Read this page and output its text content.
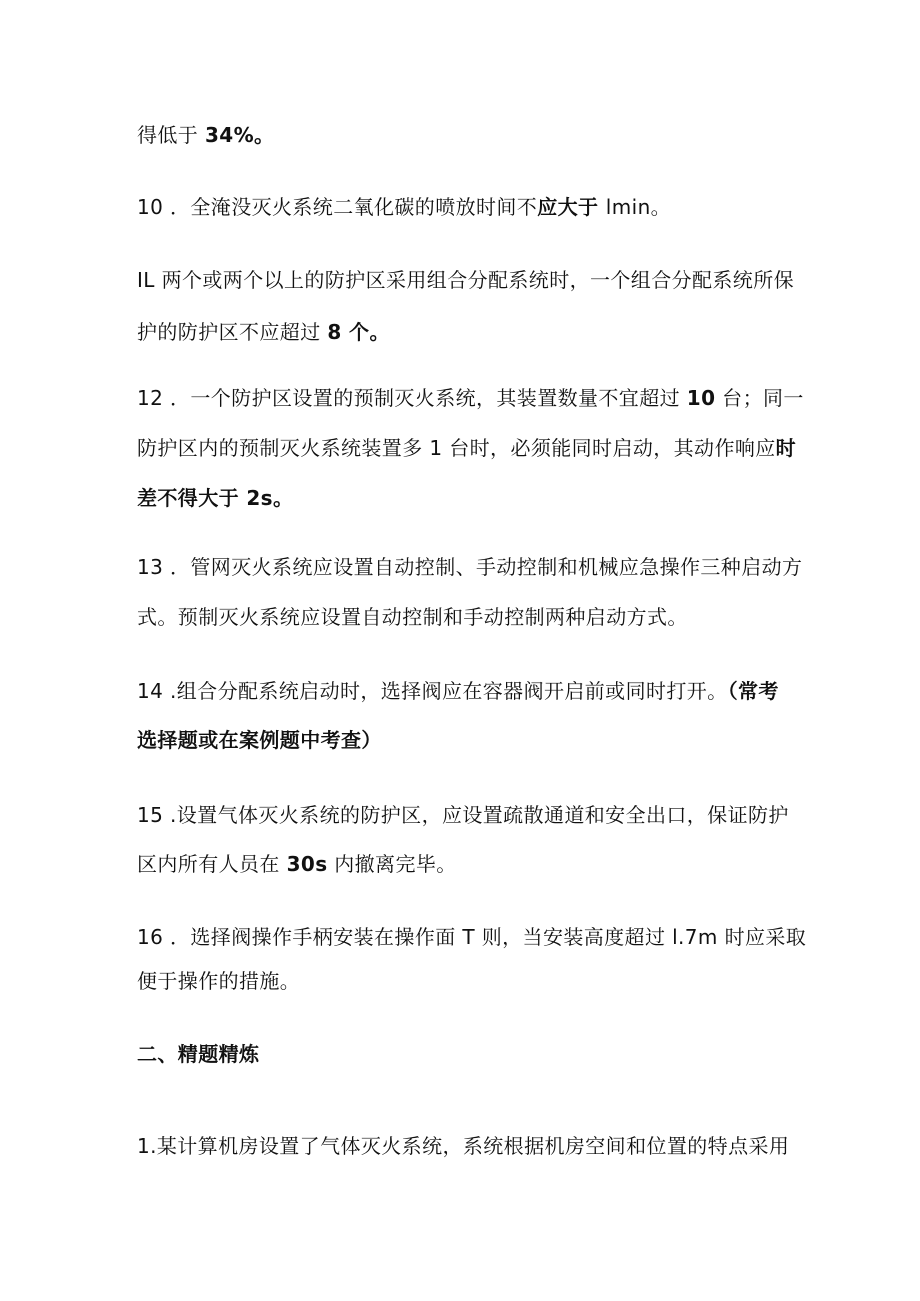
得低于 34%。
10 ．全淹没灭火系统二氧化碳的喷放时间不应大于 lmin。
IL 两个或两个以上的防护区采用组合分配系统时，一个组合分配系统所保
护的防护区不应超过 8 个。
12 ．一个防护区设置的预制灭火系统，其装置数量不宜超过 10 台；同一
防护区内的预制灭火系统装置多 1 台时，必须能同时启动，其动作响应时
差不得大于 2s。
13 ．管网灭火系统应设置自动控制、手动控制和机械应急操作三种启动方
式。预制灭火系统应设置自动控制和手动控制两种启动方式。
14 .组合分配系统启动时，选择阀应在容器阀开启前或同时打开。（常考
选择题或在案例题中考查）
15 .设置气体灭火系统的防护区，应设置疏散通道和安全出口，保证防护
区内所有人员在 30s 内撤离完毕。
16 ．选择阀操作手柄安装在操作面 T 则，当安装高度超过 l.7m 时应采取
便于操作的措施。
二、精题精炼
1.某计算机房设置了气体灭火系统，系统根据机房空间和位置的特点采用
